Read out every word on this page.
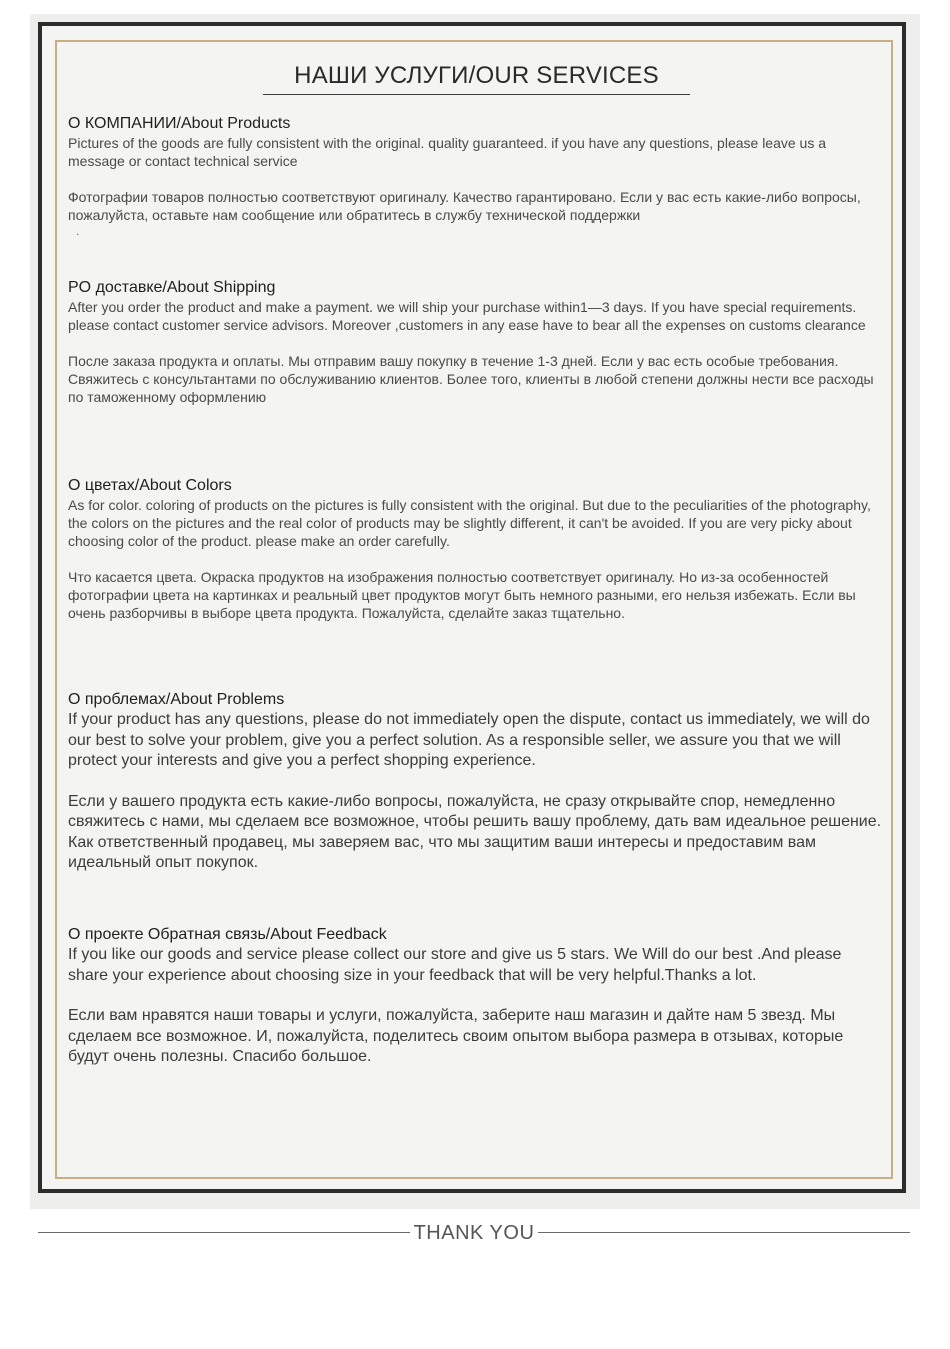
НАШИ УСЛУГИ/OUR SERVICES

О КОМПАНИИ/About Products

Pictures of the goods are fully consistent with the original. quality guaranteed. if you have any questions, please leave us a message or contact technical service

Фотографии товаров полностью соответствуют оригиналу. Качество гарантировано. Если у вас есть какие-либо вопросы, пожалуйста, оставьте нам сообщение или обратитесь в службу технической поддержки

.

PO доставке/About Shipping

After you order the product and make a payment. we will ship your purchase within1—3 days. If you have special requirements. please contact customer service advisors. Moreover ,customers in any ease have to bear all the expenses on customs clearance

После заказа продукта и оплаты. Мы отправим вашу покупку в течение 1-3 дней. Если у вас есть особые требования. Свяжитесь с консультантами по обслуживанию клиентов. Более того, клиенты в любой степени должны нести все расходы по таможенному оформлению

О цветах/About Colors

As for color. coloring of products on the pictures is fully consistent with the original. But due to the peculiarities of the photography, the colors on the pictures and the real color of products may be slightly different, it can't be avoided. If you are very picky about choosing color of the product. please make an order carefully.

Что касается цвета. Окраска продуктов на изображения полностью соответствует оригиналу. Но из-за особенностей фотографии цвета на картинках и реальный цвет продуктов могут быть немного разными, его нельзя избежать. Если вы очень разборчивы в выборе цвета продукта. Пожалуйста, сделайте заказ тщательно.

О проблемах/About Problems

If your product has any questions, please do not immediately open the dispute, contact us immediately, we will do our best to solve your problem, give you a perfect solution. As a responsible seller, we assure you that we will protect your interests and give you a perfect shopping experience.

Если у вашего продукта есть какие-либо вопросы, пожалуйста, не сразу открывайте спор, немедленно свяжитесь с нами, мы сделаем все возможное, чтобы решить вашу проблему, дать вам идеальное решение. Как ответственный продавец, мы заверяем вас, что мы защитим ваши интересы и предоставим вам идеальный опыт покупок.

О проекте Обратная связь/About Feedback

If you like our goods and service please collect our store and give us 5 stars. We Will do our best .And please share your experience about choosing size in your feedback that will be very helpful.Thanks a lot.

Если вам нравятся наши товары и услуги, пожалуйста, заберите наш магазин и дайте нам 5 звезд. Мы сделаем все возможное. И, пожалуйста, поделитесь своим опытом выбора размера в отзывах, которые будут очень полезны. Спасибо большое.

THANK YOU
